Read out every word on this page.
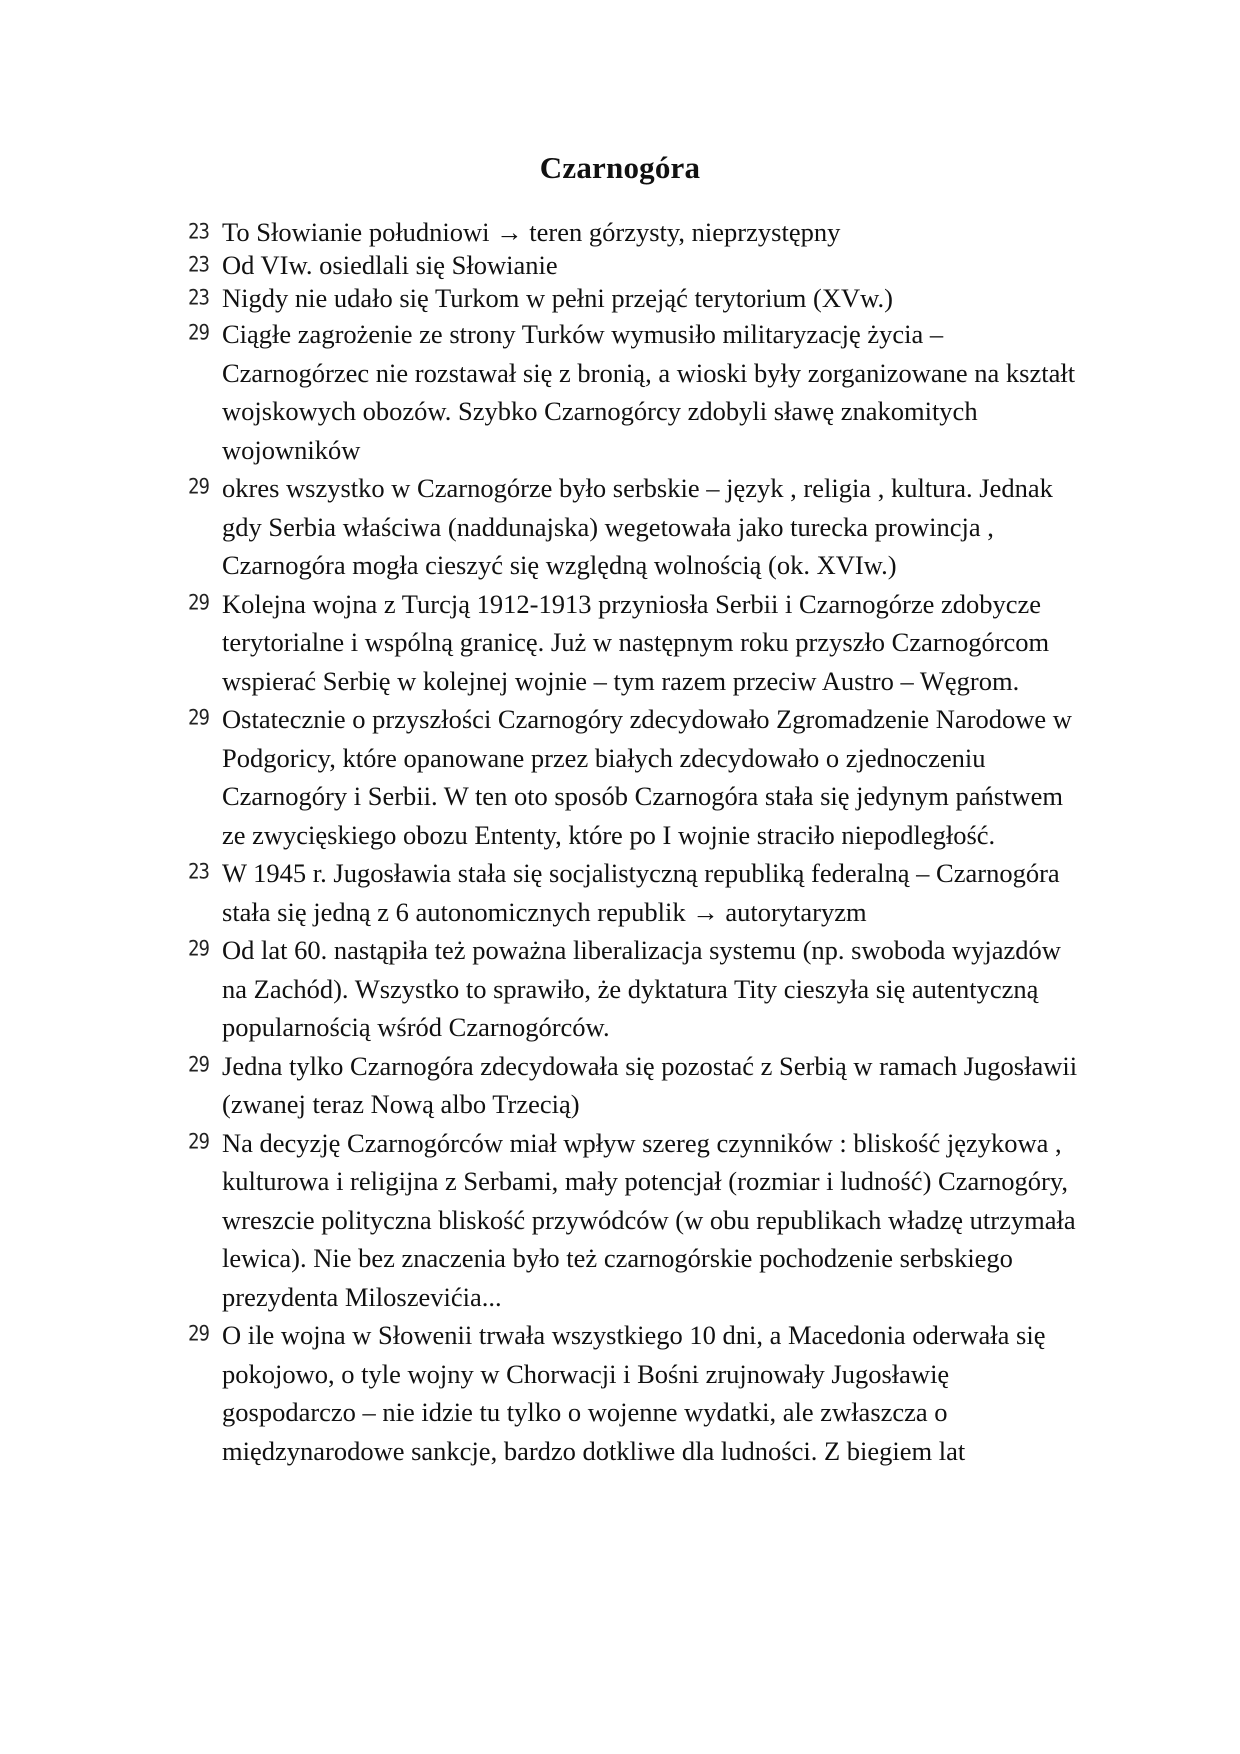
Czarnogóra
23 To Słowianie południowi → teren górzysty, nieprzystępny
23 Od VIw. osiedlali się Słowianie
23 Nigdy nie udało się Turkom w pełni przejąć terytorium (XVw.)
29 Ciągłe zagrożenie ze strony Turków wymusiło militaryzację życia – Czarnogórzec nie rozstawał się z bronią, a wioski były zorganizowane na kształt wojskowych obozów. Szybko Czarnogórcy zdobyli sławę znakomitych wojowników
29 okres wszystko w Czarnogórze było serbskie – język , religia , kultura. Jednak gdy Serbia właściwa (naddunajska) wegetowała jako turecka prowincja , Czarnogóra mogła cieszyć się względną wolnością (ok. XVIw.)
29 Kolejna wojna z Turcją 1912-1913 przyniosła Serbii i Czarnogórze zdobycze terytorialne i wspólną granicę. Już w następnym roku przyszło Czarnogórcom wspierać Serbię w kolejnej wojnie – tym razem przeciw Austro – Węgrom.
29 Ostatecznie o przyszłości Czarnogóry zdecydowało Zgromadzenie Narodowe w Podgoricy, które opanowane przez białych zdecydowało o zjednoczeniu Czarnogóry i Serbii. W ten oto sposób Czarnogóra stała się jedynym państwem ze zwycięskiego obozu Ententy, które po I wojnie straciło niepodległość.
23 W 1945 r. Jugosławia stała się socjalistyczną republiką federalną – Czarnogóra stała się jedną z 6 autonomicznych republik → autorytaryzm
29 Od lat 60. nastąpiła też poważna liberalizacja systemu (np. swoboda wyjazdów na Zachód). Wszystko to sprawiło, że dyktatura Tity cieszyła się autentyczną popularnością wśród Czarnogórców.
29 Jedna tylko Czarnogóra zdecydowała się pozostać z Serbią w ramach Jugosławii (zwanej teraz Nową albo Trzecią)
29 Na decyzję Czarnogórców miał wpływ szereg czynników : bliskość językowa , kulturowa i religijna z Serbami, mały potencjał (rozmiar i ludność) Czarnogóry, wreszcie polityczna bliskość przywódców (w obu republikach władzę utrzymała lewica). Nie bez znaczenia było też czarnogórskie pochodzenie serbskiego prezydenta Miloszevićia...
29 O ile wojna w Słowenii trwała wszystkiego 10 dni, a Macedonia oderwała się pokojowo, o tyle wojny w Chorwacji i Bośni zrujnowały Jugosławię gospodarczo – nie idzie tu tylko o wojenne wydatki, ale zwłaszcza o międzynarodowe sankcje, bardzo dotkliwe dla ludności. Z biegiem lat
